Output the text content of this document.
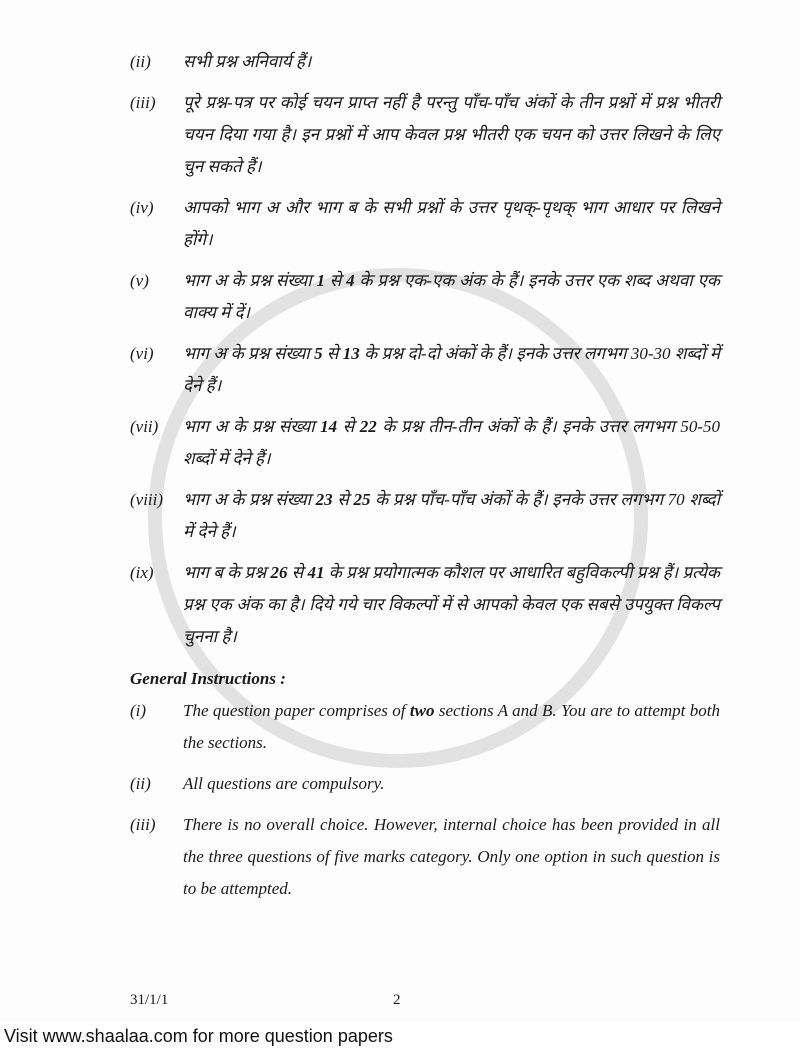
(ii) सभी प्रश्न अनिवार्य हैं।
(iii) पूरे प्रश्न-पत्र पर कोई चयन प्राप्त नहीं है परन्तु पाँच-पाँच अंकों के तीन प्रश्नों में प्रश्न भीतरी चयन दिया गया है। इन प्रश्नों में आप केवल प्रश्न भीतरी एक चयन को उत्तर लिखने के लिए चुन सकते हैं।
(iv) आपको भाग अ और भाग ब के सभी प्रश्नों के उत्तर पृथक्-पृथक् भाग आधार पर लिखने होंगे।
(v) भाग अ के प्रश्न संख्या 1 से 4 के प्रश्न एक-एक अंक के हैं। इनके उत्तर एक शब्द अथवा एक वाक्य में दें।
(vi) भाग अ के प्रश्न संख्या 5 से 13 के प्रश्न दो-दो अंकों के हैं। इनके उत्तर लगभग 30-30 शब्दों में देने हैं।
(vii) भाग अ के प्रश्न संख्या 14 से 22 के प्रश्न तीन-तीन अंकों के हैं। इनके उत्तर लगभग 50-50 शब्दों में देने हैं।
(viii) भाग अ के प्रश्न संख्या 23 से 25 के प्रश्न पाँच-पाँच अंकों के हैं। इनके उत्तर लगभग 70 शब्दों में देने हैं।
(ix) भाग ब के प्रश्न 26 से 41 के प्रश्न प्रयोगात्मक कौशल पर आधारित बहुविकल्पी प्रश्न हैं। प्रत्येक प्रश्न एक अंक का है। दिये गये चार विकल्पों में से आपको केवल एक सबसे उपयुक्त विकल्प चुनना है।
General Instructions :
(i) The question paper comprises of two sections A and B. You are to attempt both the sections.
(ii) All questions are compulsory.
(iii) There is no overall choice. However, internal choice has been provided in all the three questions of five marks category. Only one option in such question is to be attempted.
31/1/1	2
Visit www.shaalaa.com for more question papers
